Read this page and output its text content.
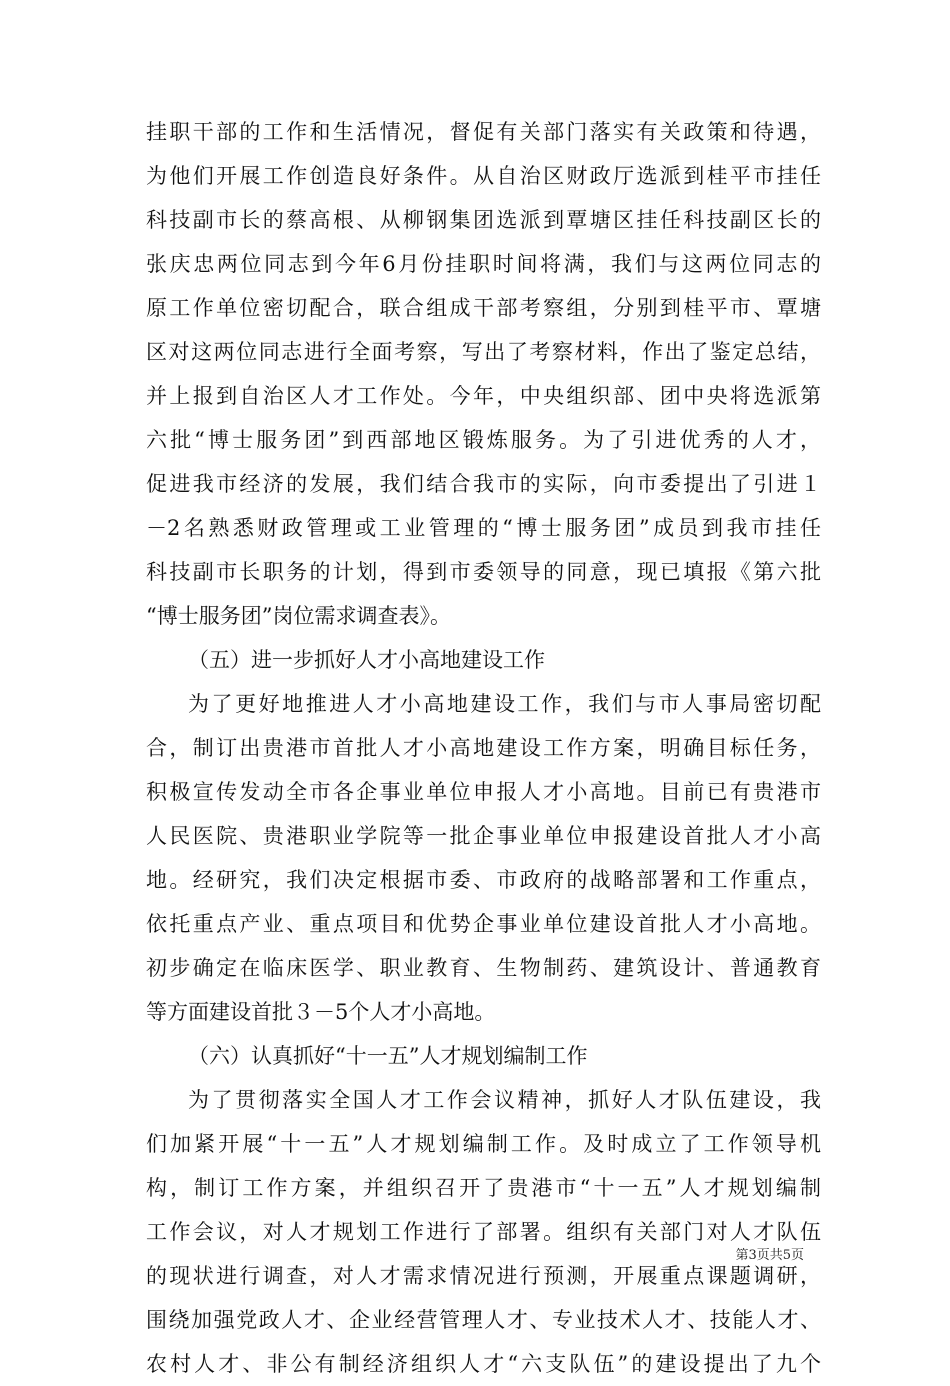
挂职干部的工作和生活情况，督促有关部门落实有关政策和待遇，
为他们开展工作创造良好条件。从自治区财政厅选派到桂平市挂任
科技副市长的蔡高根、从柳钢集团选派到覃塘区挂任科技副区长的
张庆忠两位同志到今年6月份挂职时间将满，我们与这两位同志的
原工作单位密切配合，联合组成干部考察组，分别到桂平市、覃塘
区对这两位同志进行全面考察，写出了考察材料，作出了鉴定总结，
并上报到自治区人才工作处。今年，中央组织部、团中央将选派第
六批“博士服务团”到西部地区锻炼服务。为了引进优秀的人才，
促进我市经济的发展，我们结合我市的实际，向市委提出了引进１
－2名熟悉财政管理或工业管理的“博士服务团”成员到我市挂任
科技副市长职务的计划，得到市委领导的同意，现已填报《第六批
“博士服务团”岗位需求调查表》。
（五）进一步抓好人才小高地建设工作
为了更好地推进人才小高地建设工作，我们与市人事局密切配
合，制订出贵港市首批人才小高地建设工作方案，明确目标任务，
积极宣传发动全市各企事业单位申报人才小高地。目前已有贵港市
人民医院、贵港职业学院等一批企事业单位申报建设首批人才小高
地。经研究，我们决定根据市委、市政府的战略部署和工作重点，
依托重点产业、重点项目和优势企事业单位建设首批人才小高地。
初步确定在临床医学、职业教育、生物制药、建筑设计、普通教育
等方面建设首批３－5个人才小高地。
（六）认真抓好“十一五”人才规划编制工作
为了贯彻落实全国人才工作会议精神，抓好人才队伍建设，我
们加紧开展“十一五”人才规划编制工作。及时成立了工作领导机
构，制订工作方案，并组织召开了贵港市“十一五”人才规划编制
工作会议，对人才规划工作进行了部署。组织有关部门对人才队伍
的现状进行调查，对人才需求情况进行预测，开展重点课题调研，
围绕加强党政人才、企业经营管理人才、专业技术人才、技能人才、
农村人才、非公有制经济组织人才“六支队伍”的建设提出了九个
第3页共5页
